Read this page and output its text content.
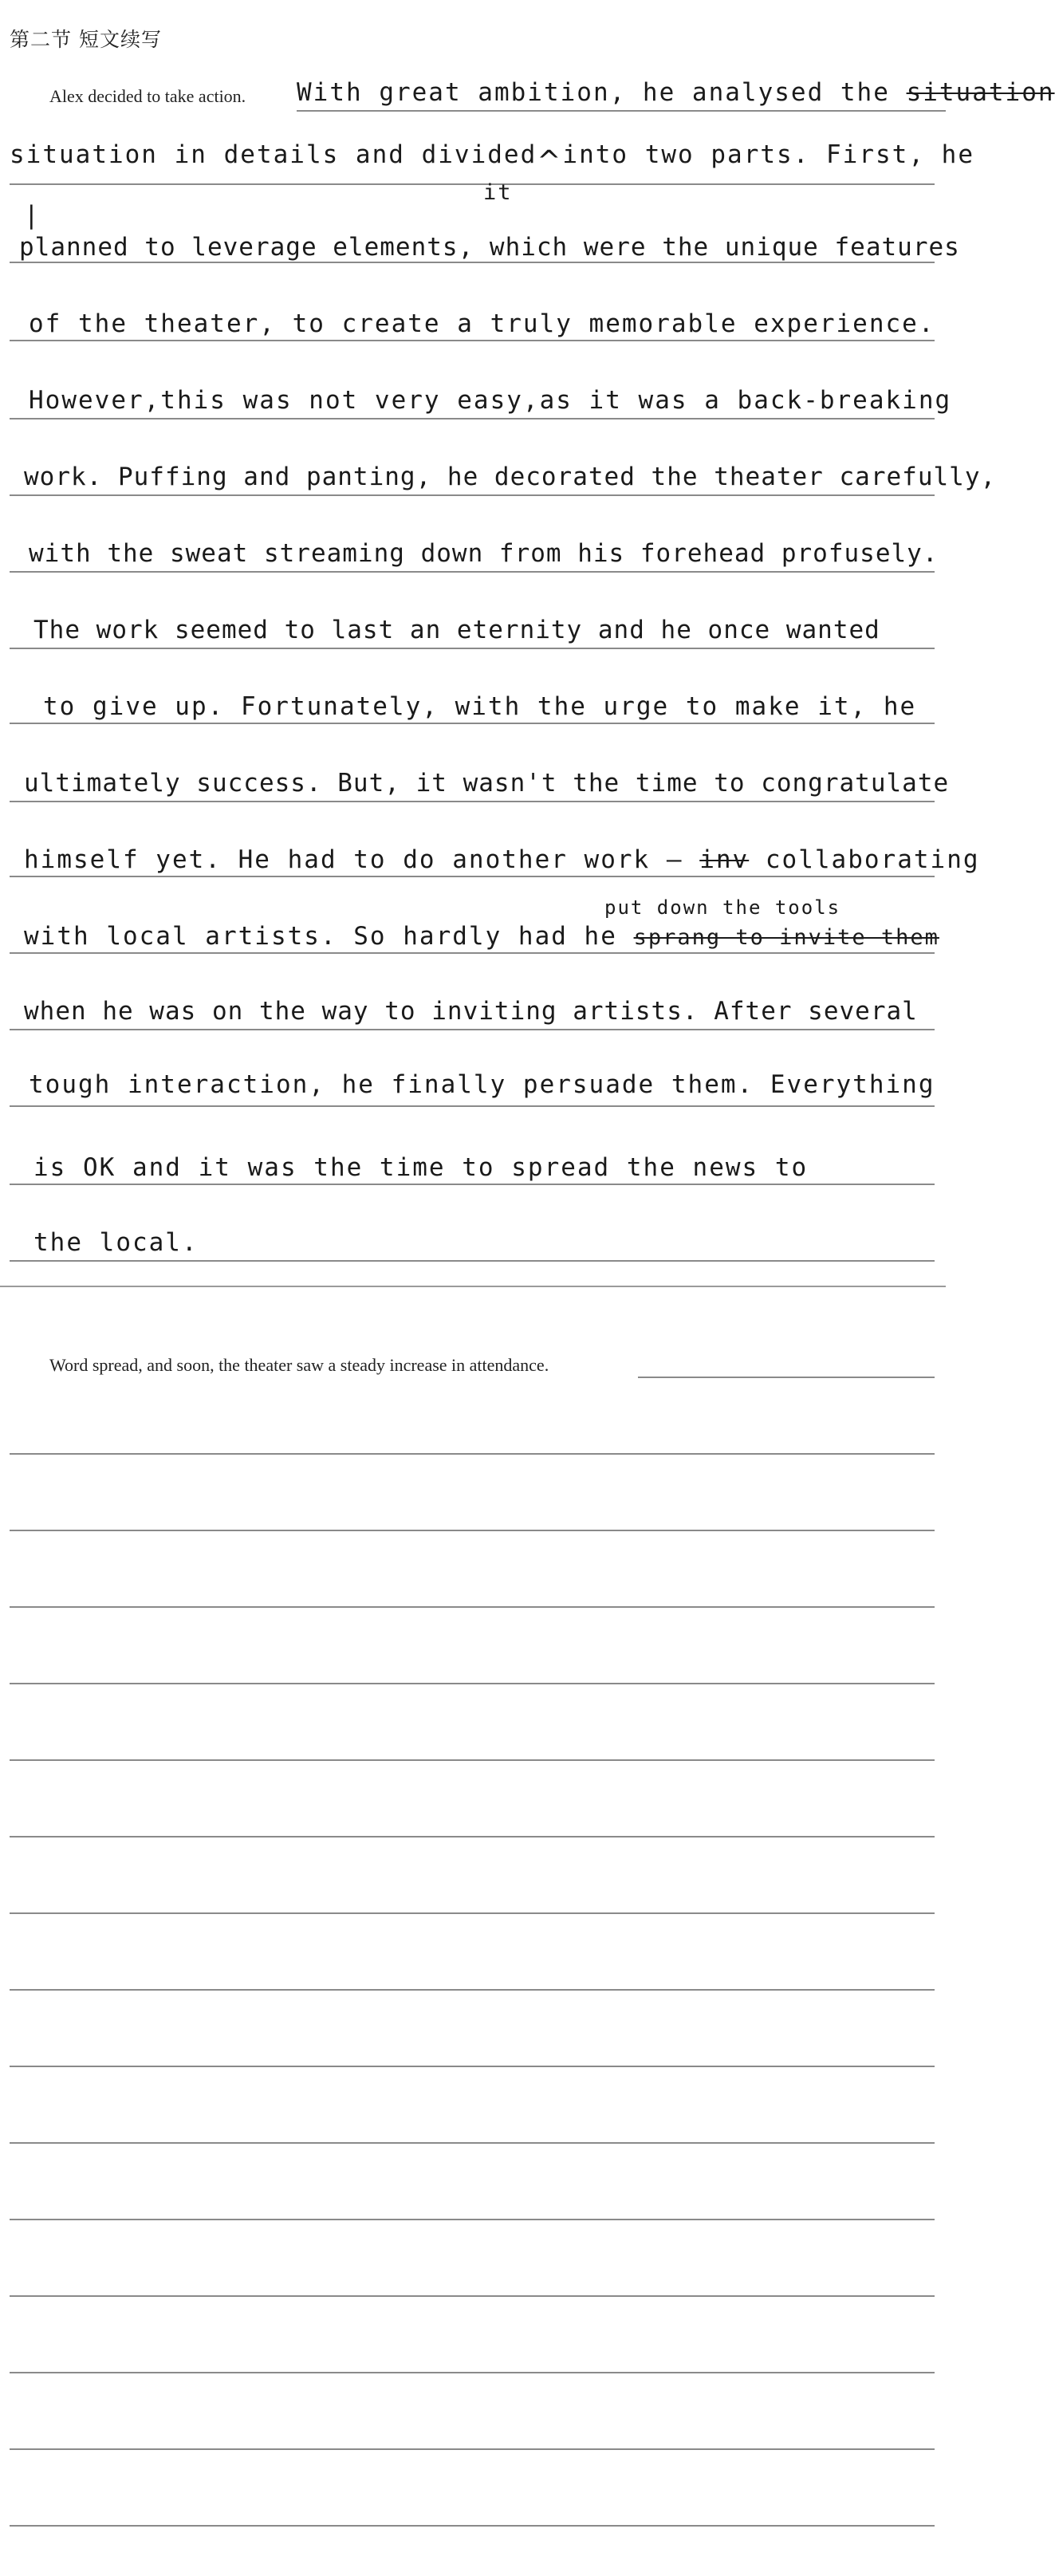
第二节 短文续写
Alex decided to take action. With great ambition, he analysed the situation
situation in details and divided^into two parts. First, he
it
|
planned to leverage elements, which were the unique features
of the theater, to create a truly memorable experience.
However,this was not very easy,as it was a back-breaking
work. Puffing and panting, he decorated the theater carefully,
with the sweat streaming down from his forehead profusely.
The work seemed to last an eternity and he once wanted
to give up. Fortunately, with the urge to make it, he
ultimately success. But, it wasn't the time to congratulate
himself yet. He had to do another work — inv collaborating
put down the tools
with local artists. So hardly had he sprang to invite them
when he was on the way to inviting artists. After several
tough interaction, he finally persuade them. Everything
is OK and it was the time to spread the news to
the local.
Word spread, and soon, the theater saw a steady increase in attendance.
